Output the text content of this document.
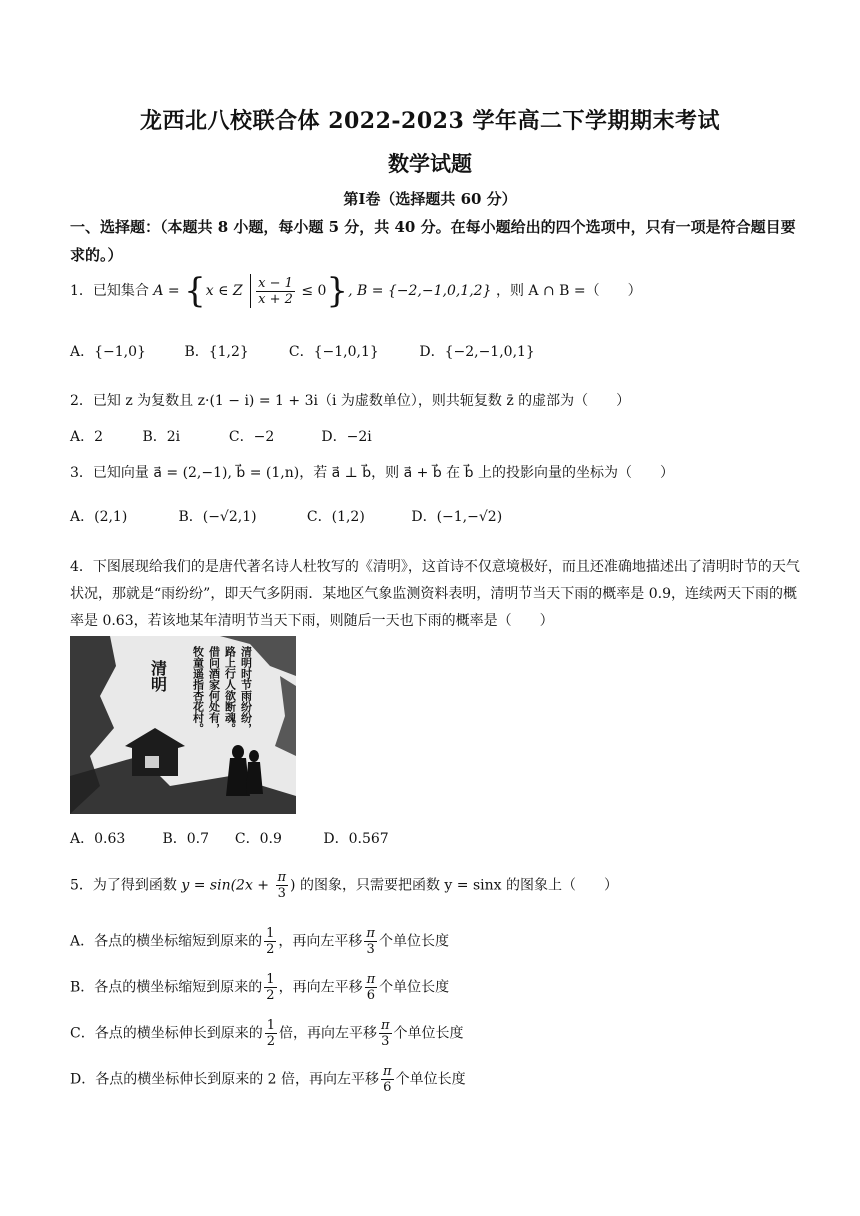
龙西北八校联合体 2022-2023 学年高二下学期期末考试
数学试题
第Ⅰ卷（选择题共 60 分）
一、选择题：（本题共 8 小题，每小题 5 分，共 40 分。在每小题给出的四个选项中，只有一项是符合题目要求的。）
1．已知集合 A = {x ∈ Z $\frac{x - 1}{x + 2} \le 0$}, B = {−2,−1,0,1,2} ，则 A ∩ B =（　　）
A．{−1,0}	B．{1,2}	C．{−1,0,1}	D．{−2,−1,0,1}
2．已知 z 为复数且 z·(1 − i) = 1 + 3i（i 为虚数单位），则共轭复数 z̄ 的虚部为（　　）
A．2	B．2i	C．−2	D．−2i
3．已知向量 a⃗ = (2,−1), b⃗ = (1,n)，若 a⃗ ⊥ b⃗，则 a⃗ + b⃗ 在 b⃗ 上的投影向量的坐标为（　　）
A．(2,1)	B．(−√2,1)	C．(1,2)	D．(−1,−√2)
4．下图展现给我们的是唐代著名诗人杜牧写的《清明》，这首诗不仅意境极好，而且还准确地描述出了清明时节的天气状况，那就是“雨纷纷”，即天气多阴雨．某地区气象监测资料表明，清明节当天下雨的概率是 0.9，连续两天下雨的概率是 0.63，若该地某年清明节当天下雨，则随后一天也下雨的概率是（　　）
清明	清明时节雨纷纷，
路上行人欲断魂。
借问酒家何处有，
牧童遥指杏花村。
A．0.63	B．0.7 C．0.9	D．0.567
5．为了得到函数 $y = \sin(2x + \frac{\pi}{3}$ ) 的图象，只需要把函数 y = sinx 的图象上（　　）
A．各点的横坐标缩短到原来的 $\frac{1}{2}$ ，再向左平移 $\frac{\pi}{3}$ 个单位长度
B．各点的横坐标缩短到原来的 $\frac{1}{2}$ ，再向左平移 $\frac{\pi}{6}$ 个单位长度
C．各点的横坐标伸长到原来的 $\frac{1}{2}$ 倍，再向左平移 $\frac{\pi}{3}$ 个单位长度
D．各点的横坐标伸长到原来的 2 倍，再向左平移 $\frac{\pi}{6}$ 个单位长度
